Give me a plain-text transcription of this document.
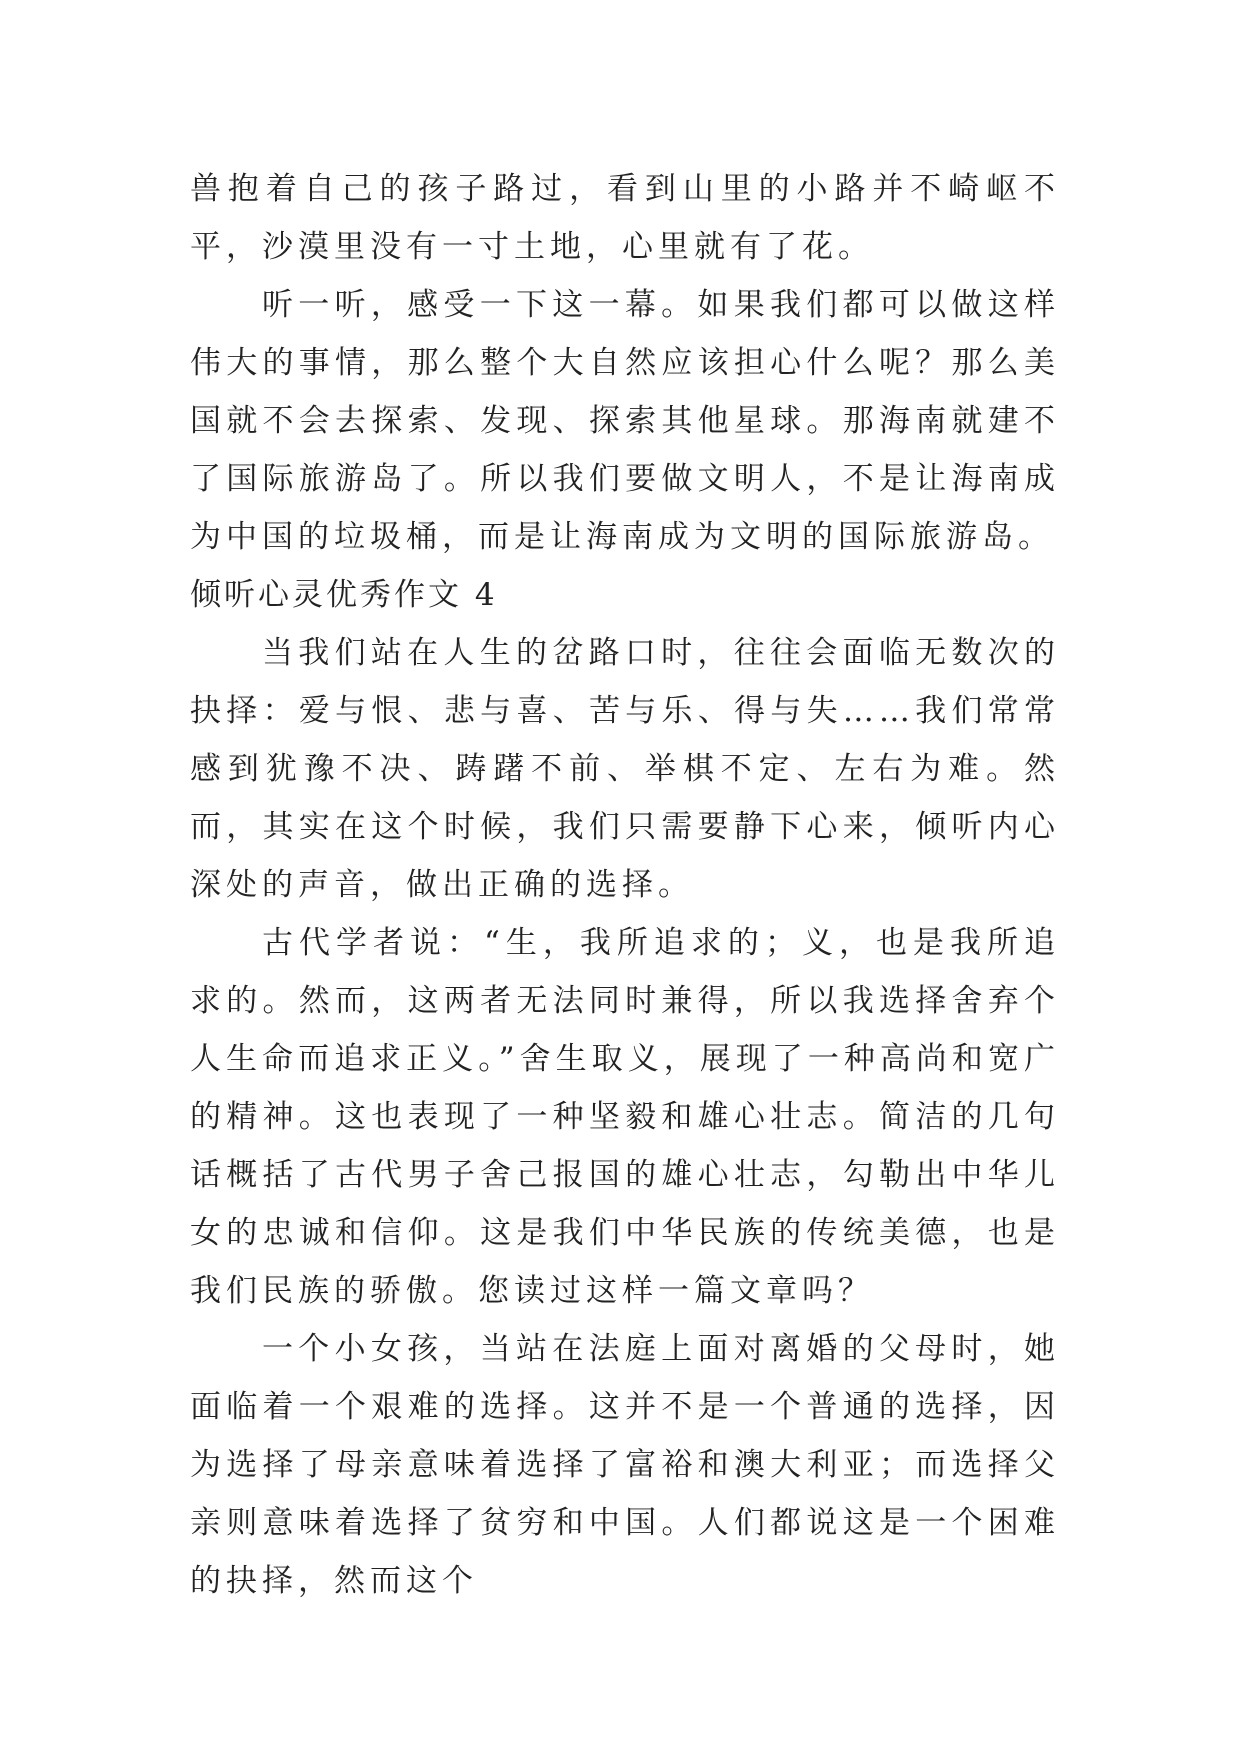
兽抱着自己的孩子路过，看到山里的小路并不崎岖不平，沙漠里没有一寸土地，心里就有了花。

听一听，感受一下这一幕。如果我们都可以做这样伟大的事情，那么整个大自然应该担心什么呢？那么美国就不会去探索、发现、探索其他星球。那海南就建不了国际旅游岛了。所以我们要做文明人，不是让海南成为中国的垃圾桶，而是让海南成为文明的国际旅游岛。

倾听心灵优秀作文 4

当我们站在人生的岔路口时，往往会面临无数次的抉择：爱与恨、悲与喜、苦与乐、得与失……我们常常感到犹豫不决、踌躇不前、举棋不定、左右为难。然而，其实在这个时候，我们只需要静下心来，倾听内心深处的声音，做出正确的选择。

古代学者说：“生，我所追求的；义，也是我所追求的。然而，这两者无法同时兼得，所以我选择舍弃个人生命而追求正义。”舍生取义，展现了一种高尚和宽广的精神。这也表现了一种坚毅和雄心壮志。简洁的几句话概括了古代男子舍己报国的雄心壮志，勾勒出中华儿女的忠诚和信仰。这是我们中华民族的传统美德，也是我们民族的骄傲。您读过这样一篇文章吗？

一个小女孩，当站在法庭上面对离婚的父母时，她面临着一个艰难的选择。这并不是一个普通的选择，因为选择了母亲意味着选择了富裕和澳大利亚；而选择父亲则意味着选择了贫穷和中国。人们都说这是一个困难的抉择，然而这个
